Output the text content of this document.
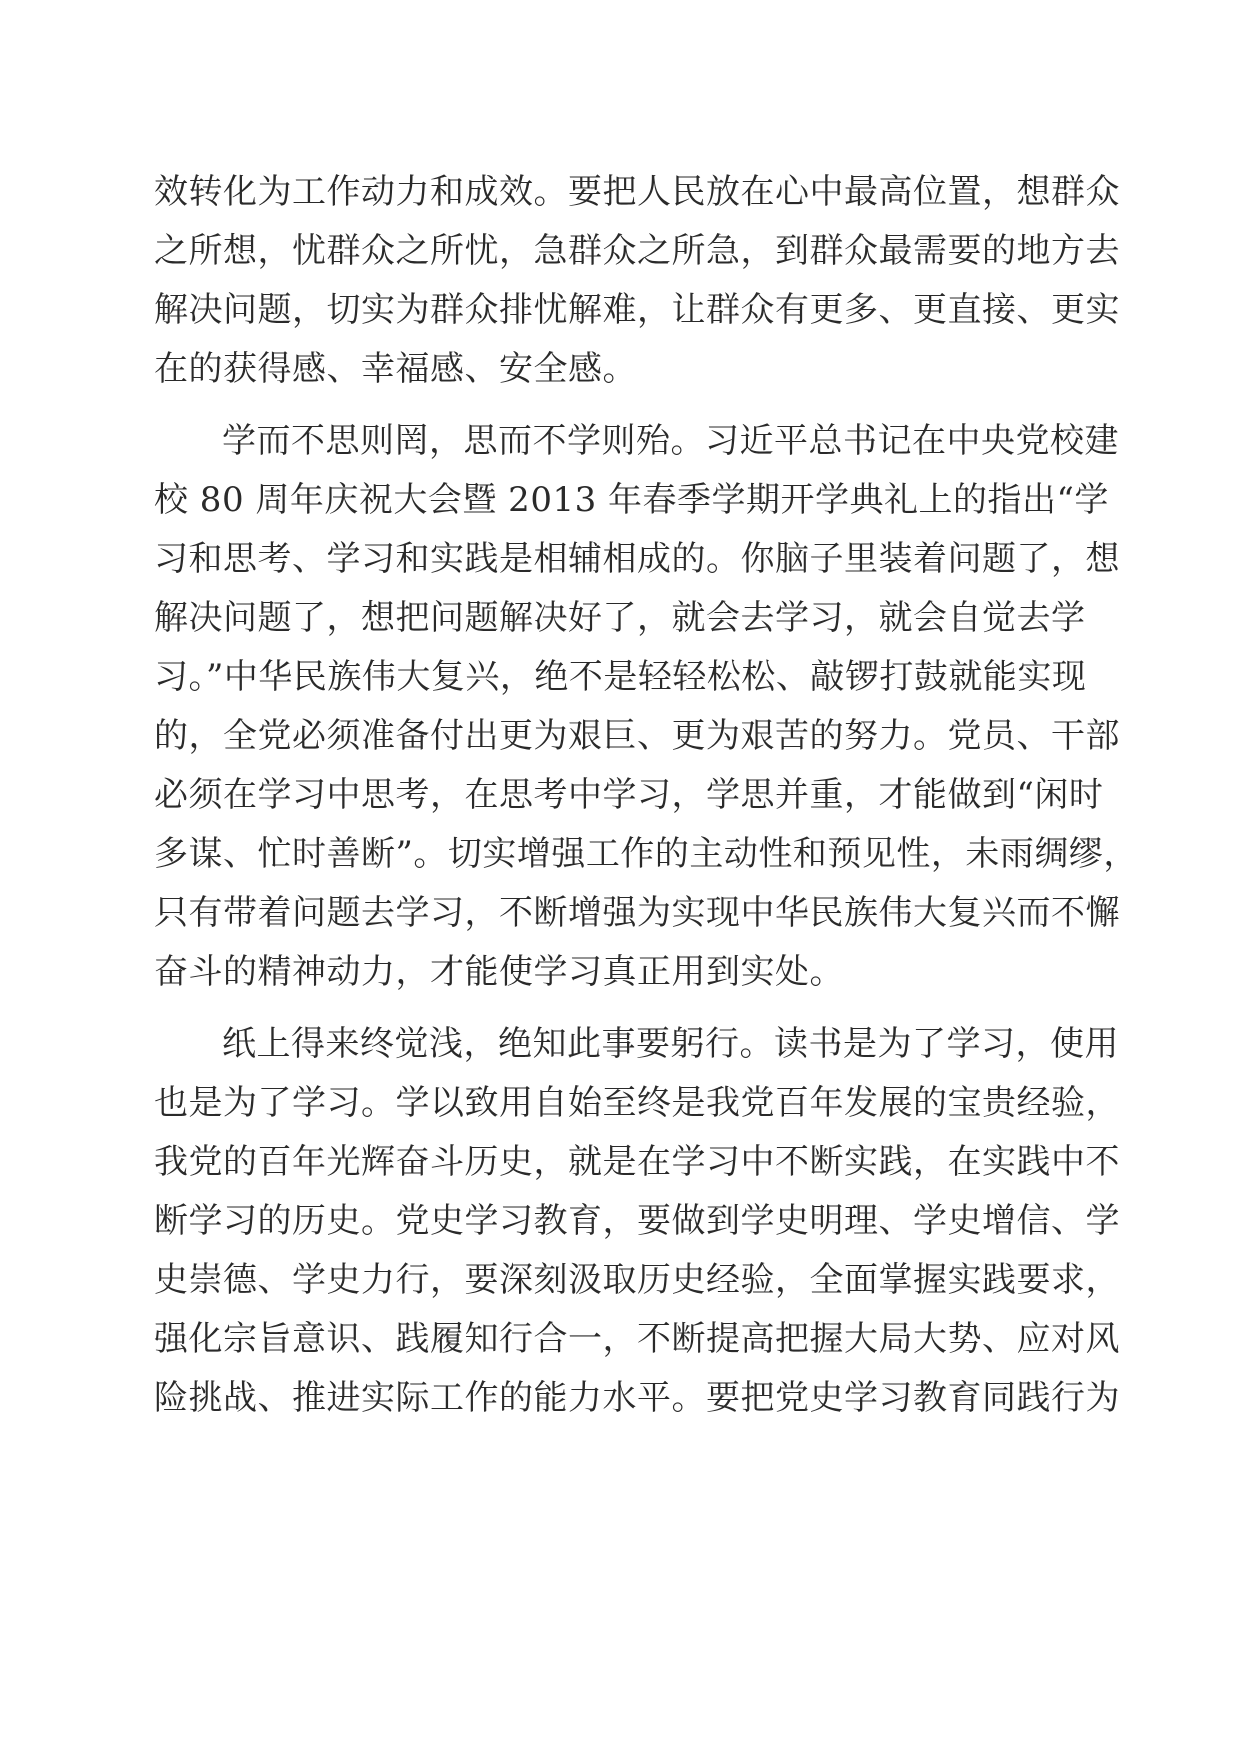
效转化为工作动力和成效。要把人民放在心中最高位置，想群众

之所想，忧群众之所忧，急群众之所急，到群众最需要的地方去

解决问题，切实为群众排忧解难，让群众有更多、更直接、更实

在的获得感、幸福感、安全感。

学而不思则罔，思而不学则殆。习近平总书记在中央党校建

校 80 周年庆祝大会暨 2013 年春季学期开学典礼上的指出“学

习和思考、学习和实践是相辅相成的。你脑子里装着问题了，想

解决问题了，想把问题解决好了，就会去学习，就会自觉去学

习。”中华民族伟大复兴，绝不是轻轻松松、敲锣打鼓就能实现

的，全党必须准备付出更为艰巨、更为艰苦的努力。党员、干部

必须在学习中思考，在思考中学习，学思并重，才能做到“闲时

多谋、忙时善断”。切实增强工作的主动性和预见性，未雨绸缪，

只有带着问题去学习，不断增强为实现中华民族伟大复兴而不懈

奋斗的精神动力，才能使学习真正用到实处。

纸上得来终觉浅，绝知此事要躬行。读书是为了学习，使用

也是为了学习。学以致用自始至终是我党百年发展的宝贵经验，

我党的百年光辉奋斗历史，就是在学习中不断实践，在实践中不

断学习的历史。党史学习教育，要做到学史明理、学史增信、学

史崇德、学史力行，要深刻汲取历史经验，全面掌握实践要求，

强化宗旨意识、践履知行合一，不断提高把握大局大势、应对风

险挑战、推进实际工作的能力水平。要把党史学习教育同践行为
